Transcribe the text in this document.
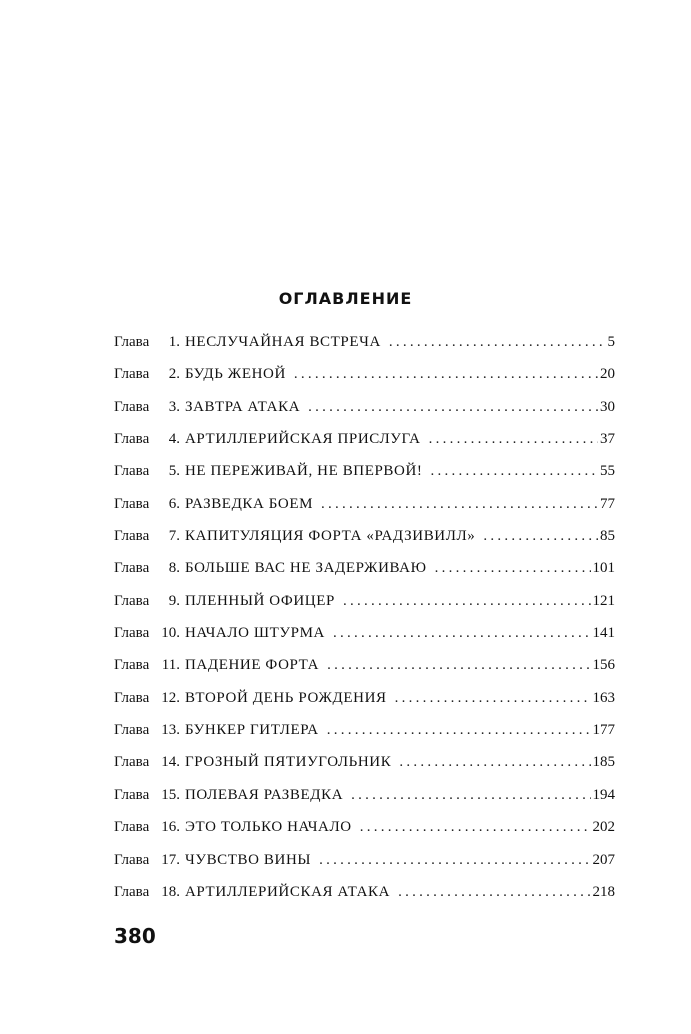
ОГЛАВЛЕНИЕ
Глава	1. НЕСЛУЧАЙНАЯ ВСТРЕЧА . . .	5
Глава	2. БУДЬ ЖЕНОЙ . . .	20
Глава	3. ЗАВТРА АТАКА . . .	30
Глава	4. АРТИЛЛЕРИЙСКАЯ ПРИСЛУГА . . .	37
Глава	5. НЕ ПЕРЕЖИВАЙ, НЕ ВПЕРВОЙ! . . .	55
Глава	6. РАЗВЕДКА БОЕМ . . .	77
Глава	7. КАПИТУЛЯЦИЯ ФОРТА «РАДЗИВИЛЛ» . . .	85
Глава	8. БОЛЬШЕ ВАС НЕ ЗАДЕРЖИВАЮ . . .	101
Глава	9. ПЛЕННЫЙ ОФИЦЕР . . .	121
Глава 10. НАЧАЛО ШТУРМА . . .	141
Глава 11. ПАДЕНИЕ ФОРТА . . .	156
Глава 12. ВТОРОЙ ДЕНЬ РОЖДЕНИЯ . . .	163
Глава 13. БУНКЕР ГИТЛЕРА . . .	177
Глава 14. ГРОЗНЫЙ ПЯТИУГОЛЬНИК . . .	185
Глава 15. ПОЛЕВАЯ РАЗВЕДКА . . .	194
Глава 16. ЭТО ТОЛЬКО НАЧАЛО . . .	202
Глава 17. ЧУВСТВО ВИНЫ . . .	207
Глава 18. АРТИЛЛЕРИЙСКАЯ АТАКА . . .	218
380
